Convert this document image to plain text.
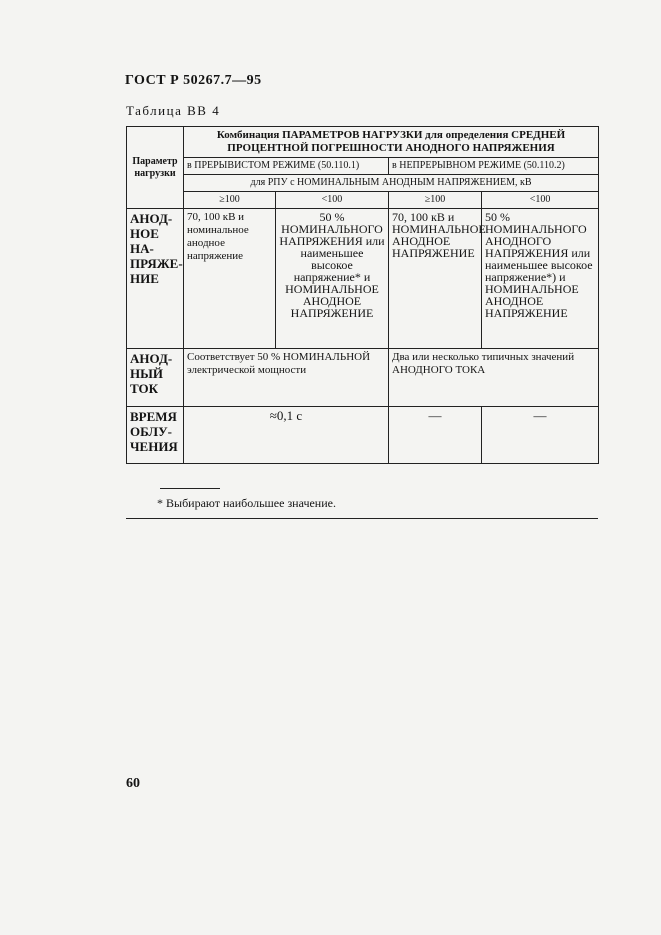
ГОСТ Р 50267.7—95
Таблица ВВ 4
Параметр нагрузки	Комбинация ПАРАМЕТРОВ НАГРУЗКИ для определения СРЕДНЕЙ ПРОЦЕНТНОЙ ПОГРЕШНОСТИ АНОДНОГО НАПРЯЖЕНИЯ			
	в ПРЕРЫВИСТОМ РЕЖИМЕ (50.110.1)		в НЕПРЕРЫВНОМ РЕЖИМЕ (50.110.2)	
	для РПУ с НОМИНАЛЬНЫМ АНОДНЫМ НАПРЯЖЕНИЕМ, кВ			
	≥100	<100	≥100	<100
АНОД-НОЕ НА-ПРЯЖЕ-НИЕ	70, 100 кВ и номинальное анодное напряжение	50 % НОМИНАЛЬНОГО НАПРЯЖЕНИЯ или наименьшее высокое напряжение* и НОМИНАЛЬНОЕ АНОДНОЕ НАПРЯЖЕНИЕ	70, 100 кВ и НОМИНАЛЬНОЕ АНОДНОЕ НАПРЯЖЕНИЕ	50 % НОМИНАЛЬНОГО АНОДНОГО НАПРЯЖЕНИЯ или наименьшее высокое напряжение*) и НОМИНАЛЬНОЕ АНОДНОЕ НАПРЯЖЕНИЕ
АНОД-НЫЙ ТОК	Соответствует 50 % НОМИНАЛЬНОЙ электрической мощности		Два или несколько типичных значений АНОДНОГО ТОКА	
ВРЕМЯ ОБЛУ-ЧЕНИЯ	≈0,1 с		—	—
* Выбирают наибольшее значение.
60
